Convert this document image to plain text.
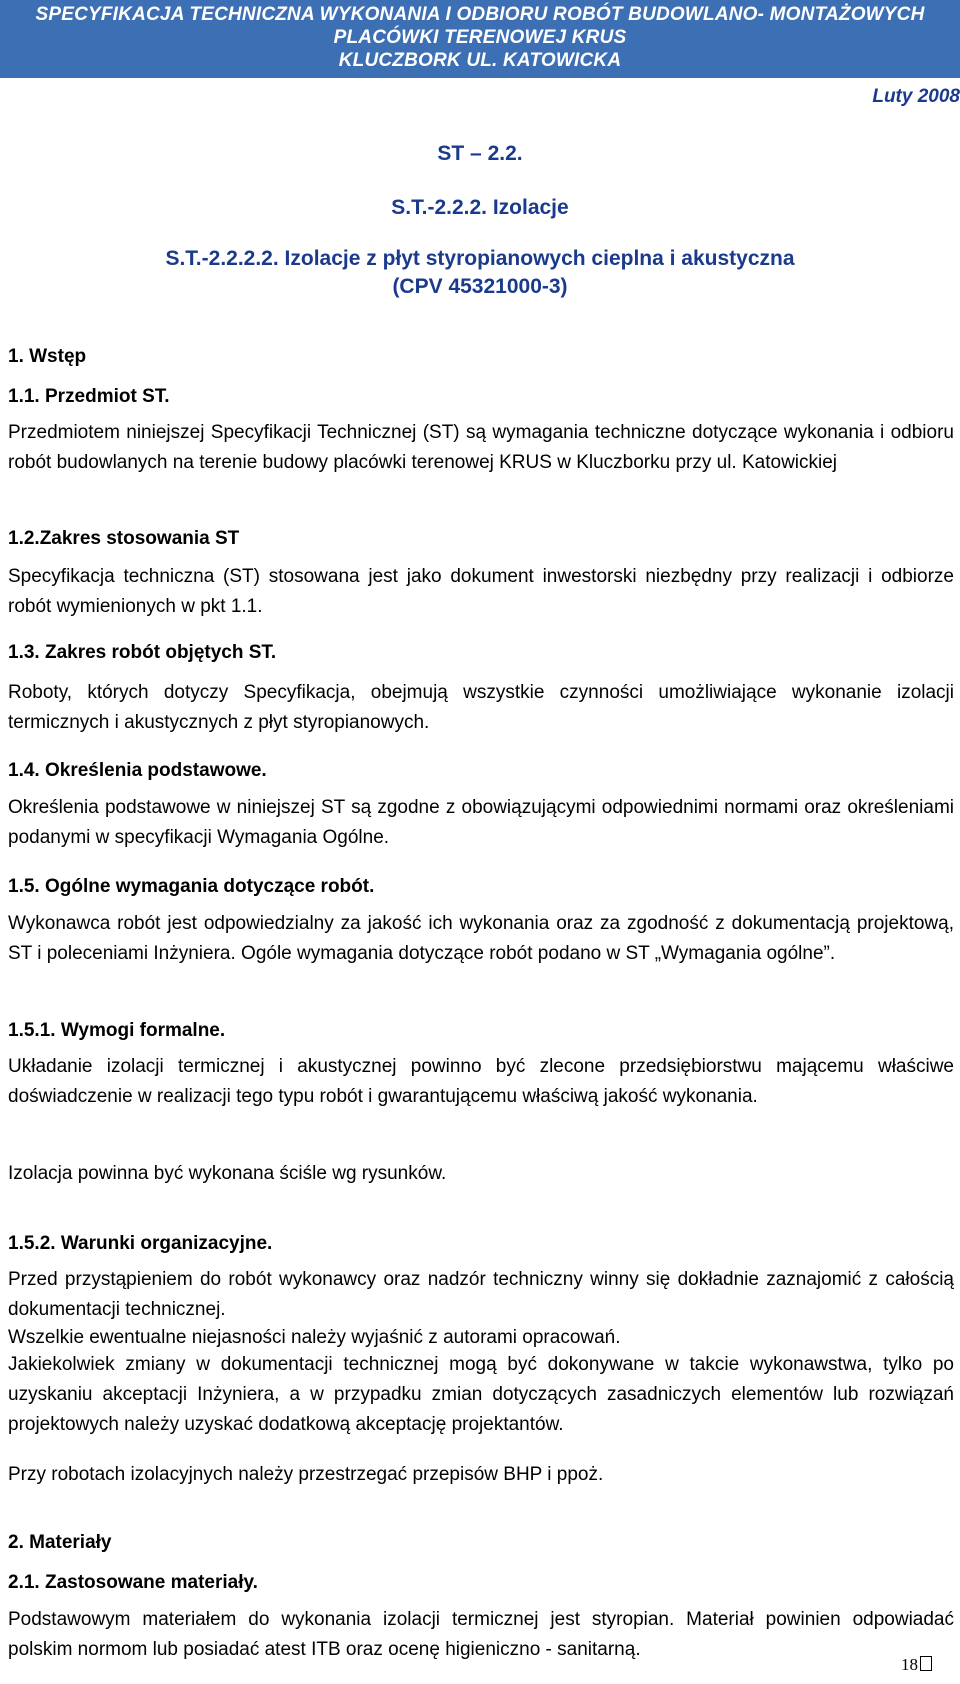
SPECYFIKACJA TECHNICZNA WYKONANIA I ODBIORU ROBÓT BUDOWLANO- MONTAŻOWYCH
PLACÓWKI TERENOWEJ KRUS
KLUCZBORK UL. KATOWICKA
Luty 2008
ST – 2.2.
S.T.-2.2.2. Izolacje
S.T.-2.2.2.2. Izolacje z płyt styropianowych cieplna i akustyczna
(CPV 45321000-3)
1. Wstęp
1.1. Przedmiot ST.
Przedmiotem niniejszej Specyfikacji Technicznej (ST) są wymagania techniczne dotyczące wykonania i odbioru robót budowlanych na terenie budowy placówki terenowej KRUS w Kluczborku przy ul. Katowickiej
1.2.Zakres stosowania ST
Specyfikacja techniczna (ST) stosowana jest jako dokument inwestorski niezbędny przy realizacji i odbiorze robót wymienionych w pkt 1.1.
1.3. Zakres robót objętych ST.
Roboty, których dotyczy Specyfikacja, obejmują wszystkie czynności umożliwiające wykonanie izolacji termicznych i akustycznych z płyt styropianowych.
1.4. Określenia podstawowe.
Określenia podstawowe w niniejszej ST są zgodne z obowiązującymi odpowiednimi normami oraz określeniami podanymi w specyfikacji Wymagania Ogólne.
1.5. Ogólne wymagania dotyczące robót.
Wykonawca robót jest odpowiedzialny za jakość ich wykonania oraz za zgodność z dokumentacją projektową, ST i poleceniami Inżyniera. Ogóle wymagania dotyczące robót podano w ST „Wymagania ogólne”.
1.5.1. Wymogi formalne.
Układanie izolacji termicznej i akustycznej powinno być zlecone przedsiębiorstwu mającemu właściwe doświadczenie w realizacji tego typu robót i gwarantującemu właściwą jakość wykonania.
Izolacja powinna być wykonana ściśle wg rysunków.
1.5.2. Warunki organizacyjne.
Przed przystąpieniem do robót wykonawcy oraz nadzór techniczny winny się dokładnie zaznajomić z całością dokumentacji technicznej.
Wszelkie ewentualne niejasności należy wyjaśnić z autorami opracowań.
Jakiekolwiek zmiany w dokumentacji technicznej mogą być dokonywane w takcie wykonawstwa, tylko po uzyskaniu akceptacji Inżyniera, a w przypadku zmian dotyczących zasadniczych elementów lub rozwiązań projektowych należy uzyskać dodatkową akceptację projektantów.
Przy robotach izolacyjnych należy przestrzegać przepisów BHP i ppoż.
2. Materiały
2.1. Zastosowane materiały.
Podstawowym materiałem do wykonania izolacji termicznej jest styropian. Materiał powinien odpowiadać polskim normom lub posiadać atest ITB oraz ocenę higieniczno - sanitarną.
18
